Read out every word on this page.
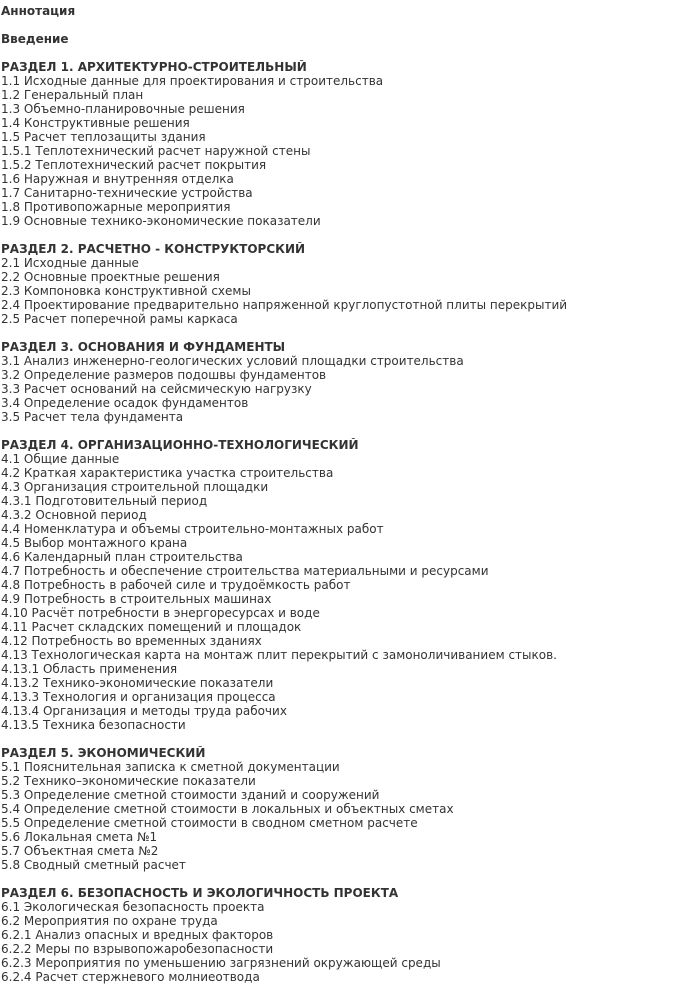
Аннотация
Введение
РАЗДЕЛ 1. АРХИТЕКТУРНО-СТРОИТЕЛЬНЫЙ
1.1 Исходные данные для проектирования и строительства
1.2 Генеральный план
1.3 Объемно-планировочные решения
1.4 Конструктивные решения
1.5 Расчет теплозащиты здания
1.5.1 Теплотехнический расчет наружной стены
1.5.2 Теплотехнический расчет покрытия
1.6 Наружная и внутренняя отделка
1.7 Санитарно-технические устройства
1.8 Противопожарные мероприятия
1.9 Основные технико-экономические показатели
РАЗДЕЛ 2. РАСЧЕТНО - КОНСТРУКТОРСКИЙ
2.1 Исходные данные
2.2 Основные проектные решения
2.3 Компоновка конструктивной схемы
2.4 Проектирование предварительно напряженной круглопустотной плиты перекрытий
2.5 Расчет поперечной рамы каркаса
РАЗДЕЛ 3. ОСНОВАНИЯ И ФУНДАМЕНТЫ
3.1 Анализ инженерно-геологических условий площадки строительства
3.2 Определение размеров подошвы фундаментов
3.3 Расчет оснований на сейсмическую нагрузку
3.4 Определение осадок фундаментов
3.5 Расчет тела фундамента
РАЗДЕЛ 4. ОРГАНИЗАЦИОННО-ТЕХНОЛОГИЧЕСКИЙ
4.1 Общие данные
4.2 Краткая характеристика участка строительства
4.3 Организация строительной площадки
4.3.1 Подготовительный период
4.3.2 Основной период
4.4 Номенклатура и объемы строительно-монтажных работ
4.5 Выбор монтажного крана
4.6 Календарный план строительства
4.7 Потребность и обеспечение строительства материальными и ресурсами
4.8 Потребность в рабочей силе и трудоёмкость работ
4.9 Потребность в строительных машинах
4.10 Расчёт потребности в энергоресурсах и воде
4.11 Расчет складских помещений и площадок
4.12 Потребность во временных зданиях
4.13 Технологическая карта на монтаж плит перекрытий с замоноличиванием стыков.
4.13.1 Область применения
4.13.2 Технико-экономические показатели
4.13.3 Технология и организация процесса
4.13.4 Организация и методы труда рабочих
4.13.5 Техника безопасности
РАЗДЕЛ 5. ЭКОНОМИЧЕСКИЙ
5.1 Пояснительная записка к сметной документации
5.2 Технико–экономические показатели
5.3 Определение сметной стоимости зданий и сооружений
5.4 Определение сметной стоимости в локальных и объектных сметах
5.5 Определение сметной стоимости в сводном сметном расчете
5.6 Локальная смета №1
5.7 Объектная смета №2
5.8 Сводный сметный расчет
РАЗДЕЛ 6. БЕЗОПАСНОСТЬ И ЭКОЛОГИЧНОСТЬ ПРОЕКТА
6.1 Экологическая безопасность проекта
6.2 Мероприятия по охране труда
6.2.1 Анализ опасных и вредных факторов
6.2.2 Меры по взрывопожаробезопасности
6.2.3 Мероприятия по уменьшению загрязнений окружающей среды
6.2.4 Расчет стержневого молниеотвода
